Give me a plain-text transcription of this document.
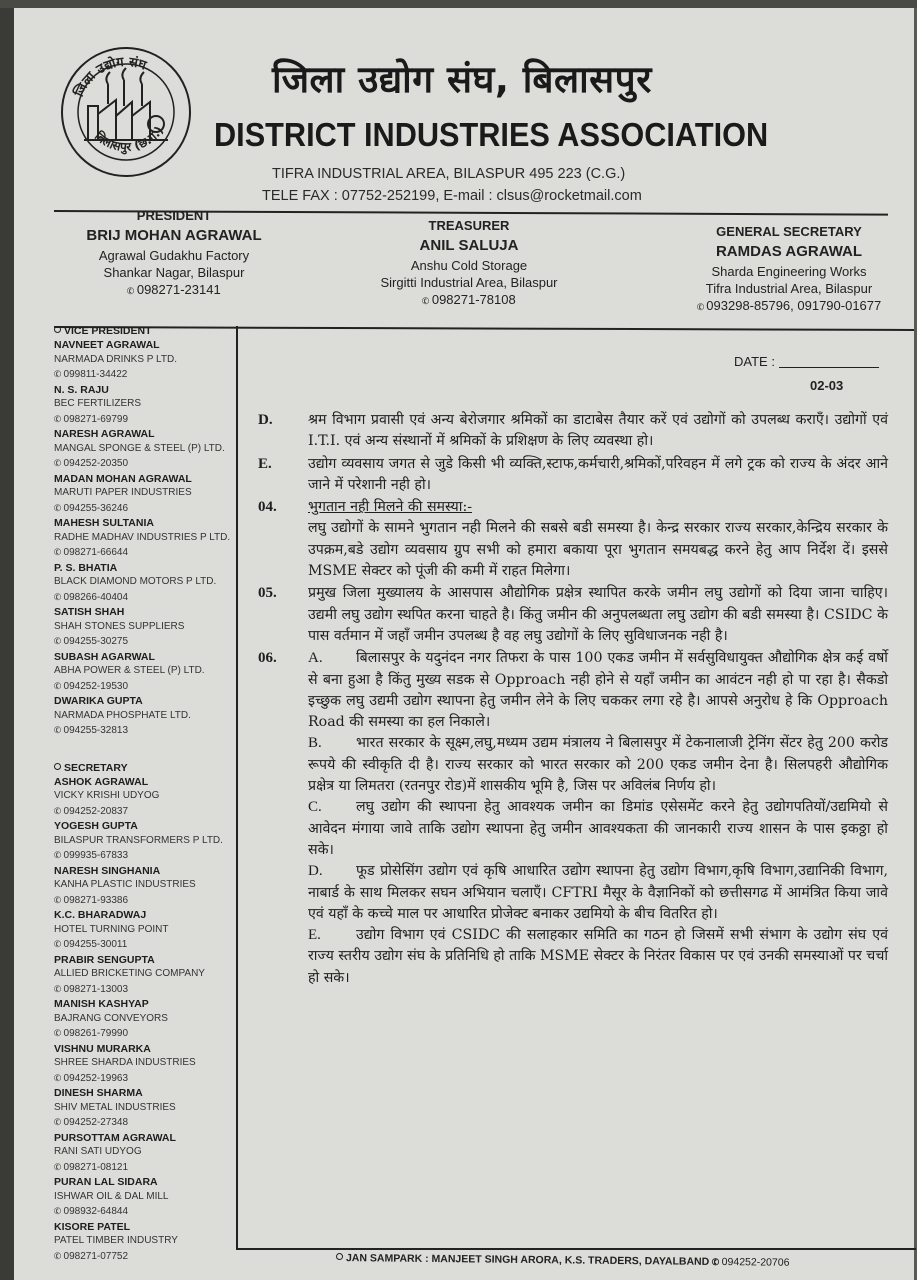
जिला उद्योग संघ
बिलासपुर (छ.ग.)
जिला उद्योग संघ, बिलासपुर
DISTRICT INDUSTRIES ASSOCIATION
TIFRA INDUSTRIAL AREA, BILASPUR 495 223 (C.G.)
TELE FAX : 07752-252199, E-mail : clsus@rocketmail.com
PRESIDENT
BRIJ MOHAN AGRAWAL
Agrawal Gudakhu Factory
Shankar Nagar, Bilaspur
✆098271-23141
TREASURER
ANIL SALUJA
Anshu Cold Storage
Sirgitti Industrial Area, Bilaspur
✆098271-78108
GENERAL SECRETARY
RAMDAS AGRAWAL
Sharda Engineering Works
Tifra Industrial Area, Bilaspur
✆093298-85796, 091790-01677
VICE PRESIDENT
NAVNEET AGRAWAL
NARMADA DRINKS P LTD.
✆099811-34422
N. S. RAJU
BEC FERTILIZERS
✆098271-69799
NARESH AGRAWAL
MANGAL SPONGE & STEEL (P) LTD.
✆094252-20350
MADAN MOHAN AGRAWAL
MARUTI PAPER INDUSTRIES
✆094255-36246
MAHESH SULTANIA
RADHE MADHAV INDUSTRIES P LTD.
✆098271-66644
P. S. BHATIA
BLACK DIAMOND MOTORS P LTD.
✆098266-40404
SATISH SHAH
SHAH STONES SUPPLIERS
✆094255-30275
SUBASH AGARWAL
ABHA POWER & STEEL (P) LTD.
✆094252-19530
DWARIKA GUPTA
NARMADA PHOSPHATE LTD.
✆094255-32813
SECRETARY
ASHOK AGRAWAL
VICKY KRISHI UDYOG
✆094252-20837
YOGESH GUPTA
BILASPUR TRANSFORMERS P LTD.
✆099935-67833
NARESH SINGHANIA
KANHA PLASTIC INDUSTRIES
✆098271-93386
K.C. BHARADWAJ
HOTEL TURNING POINT
✆094255-30011
PRABIR SENGUPTA
ALLIED BRICKETING COMPANY
✆098271-13003
MANISH KASHYAP
BAJRANG CONVEYORS
✆098261-79990
VISHNU MURARKA
SHREE SHARDA INDUSTRIES
✆094252-19963
DINESH SHARMA
SHIV METAL INDUSTRIES
✆094252-27348
PURSOTTAM AGRAWAL
RANI SATI UDYOG
✆098271-08121
PURAN LAL SIDARA
ISHWAR OIL & DAL MILL
✆098932-64844
KISORE PATEL
PATEL TIMBER INDUSTRY
✆098271-07752
DATE :
02-03
D. श्रम विभाग प्रवासी एवं अन्य बेरोजगार श्रमिकों का डाटाबेस तैयार करें एवं उद्योगों को उपलब्ध कराएँ। उद्योगों एवं I.T.I. एवं अन्य संस्थानों में श्रमिकों के प्रशिक्षण के लिए व्यवस्था हो।
E.	उद्योग व्यवसाय जगत से जुडे किसी भी व्यक्ति,स्टाफ,कर्मचारी,श्रमिकों,परिवहन में लगे ट्रक को राज्य के अंदर आने जाने में परेशानी नही हो।
04. भुगतान नही मिलने की समस्या:-
लघु उद्योगों के सामने भुगतान नही मिलने की सबसे बडी समस्या है। केन्द्र सरकार राज्य सरकार,केन्द्रिय सरकार के उपक्रम,बडे उद्योग व्यवसाय ग्रुप सभी को हमारा बकाया पूरा भुगतान समयबद्ध करने हेतु आप निर्देश दें। इससे MSME सेक्टर को पूंजी की कमी में राहत मिलेगा।
05. प्रमुख जिला मुख्यालय के आसपास औद्योगिक प्रक्षेत्र स्थापित करके जमीन लघु उद्योगों को दिया जाना चाहिए। उद्यमी लघु उद्योग स्थपित करना चाहते है। किंतु जमीन की अनुपलब्धता लघु उद्योग की बडी समस्या है। CSIDC के पास वर्तमान में जहाँ जमीन उपलब्ध है वह लघु उद्योगों के लिए सुविधाजनक नही है।
06. A. बिलासपुर के यदुनंदन नगर तिफरा के पास 100 एकड जमीन में सर्वसुविधायुक्त औद्योगिक क्षेत्र कई वर्षो से बना हुआ है किंतु मुख्य सडक से Opproach नही होने से यहाँ जमीन का आवंटन नही हो पा रहा है। सैकडो इच्छुक लघु उद्यमी उद्योग स्थापना हेतु जमीन लेने के लिए चककर लगा रहे है। आपसे अनुरोध हे कि Opproach Road की समस्या का हल निकाले।
B. भारत सरकार के सूक्ष्म,लघु,मध्यम उद्यम मंत्रालय ने बिलासपुर में टेकनालाजी ट्रेनिंग सेंटर हेतु 200 करोड रूपये की स्वीकृति दी है। राज्य सरकार को भारत सरकार को 200 एकड जमीन देना है। सिलपहरी औद्योगिक प्रक्षेत्र या लिमतरा (रतनपुर रोड)में शासकीय भूमि है, जिस पर अविलंब निर्णय हो।
C. लघु उद्योग की स्थापना हेतु आवश्यक जमीन का डिमांड एसेसमेंट करने हेतु उद्योगपतियों/उद्यमियो से आवेदन मंगाया जावे ताकि उद्योग स्थापना हेतु जमीन आवश्यकता की जानकारी राज्य शासन के पास इकठ्ठा हो सके।
D. फूड प्रोसेसिंग उद्योग एवं कृषि आधारित उद्योग स्थापना हेतु उद्योग विभाग,कृषि विभाग,उद्यानिकी विभाग, नाबार्ड के साथ मिलकर सघन अभियान चलाएँ। CFTRI मैसूर के वैज्ञानिकों को छत्तीसगढ में आमंत्रित किया जावे एवं यहाँ के कच्चे माल पर आधारित प्रोजेक्ट बनाकर उद्यमियो के बीच वितरित हो।
E. उद्योग विभाग एवं CSIDC की सलाहकार समिति का गठन हो जिसमें सभी संभाग के उद्योग संघ एवं राज्य स्तरीय उद्योग संघ के प्रतिनिधि हो ताकि MSME सेक्टर के निरंतर विकास पर एवं उनकी समस्याओं पर चर्चा हो सके।
JAN SAMPARK : MANJEET SINGH ARORA, K.S. TRADERS, DAYALBAND ✆094252-20706
